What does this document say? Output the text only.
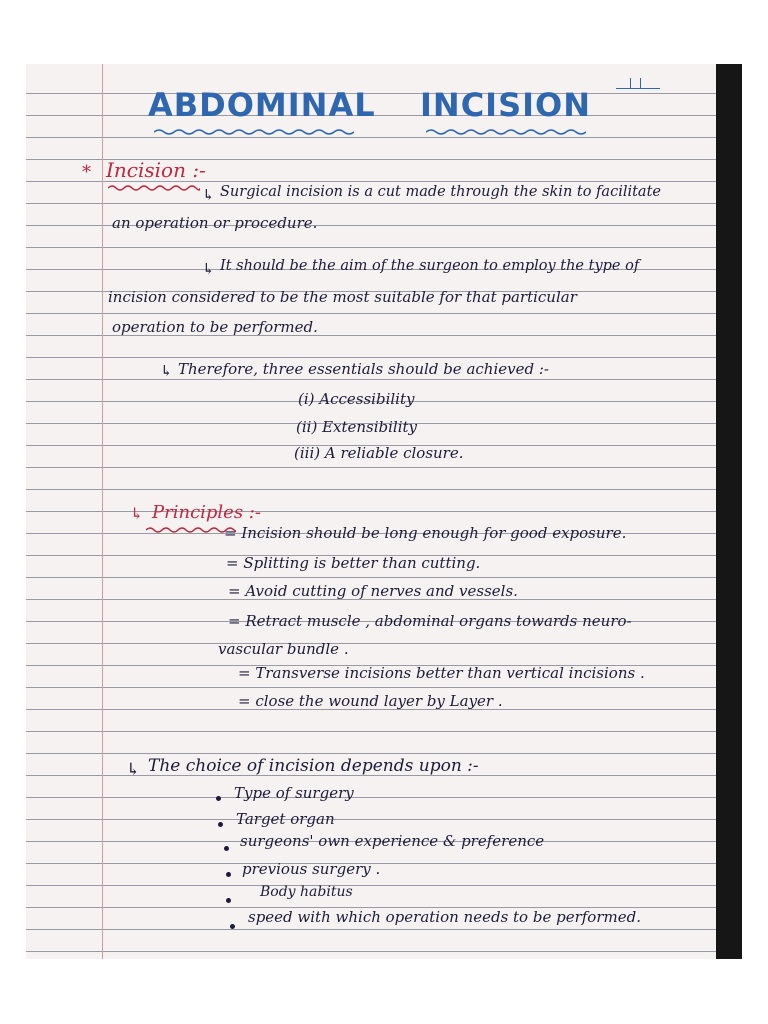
ABDOMINAL INCISION
* Incision :-
↳ Surgical incision is a cut made through the skin to facilitate
an operation or procedure.
↳ It should be the aim of the surgeon to employ the type of
incision considered to be the most suitable for that particular
operation to be performed.
↳ Therefore, three essentials should be achieved :-
(i) Accessibility
(ii) Extensibility
(iii) A reliable closure.
↳ Principles :-
= Incision should be long enough for good exposure.
= Splitting is better than cutting.
= Avoid cutting of nerves and vessels.
= Retract muscle , abdominal organs towards neuro-
vascular bundle .
= Transverse incisions better than vertical incisions .
= close the wound layer by Layer .
↳ The choice of incision depends upon :-
Type of surgery
Target organ
surgeons' own experience & preference
previous surgery .
Body habitus
speed with which operation needs to be performed.
